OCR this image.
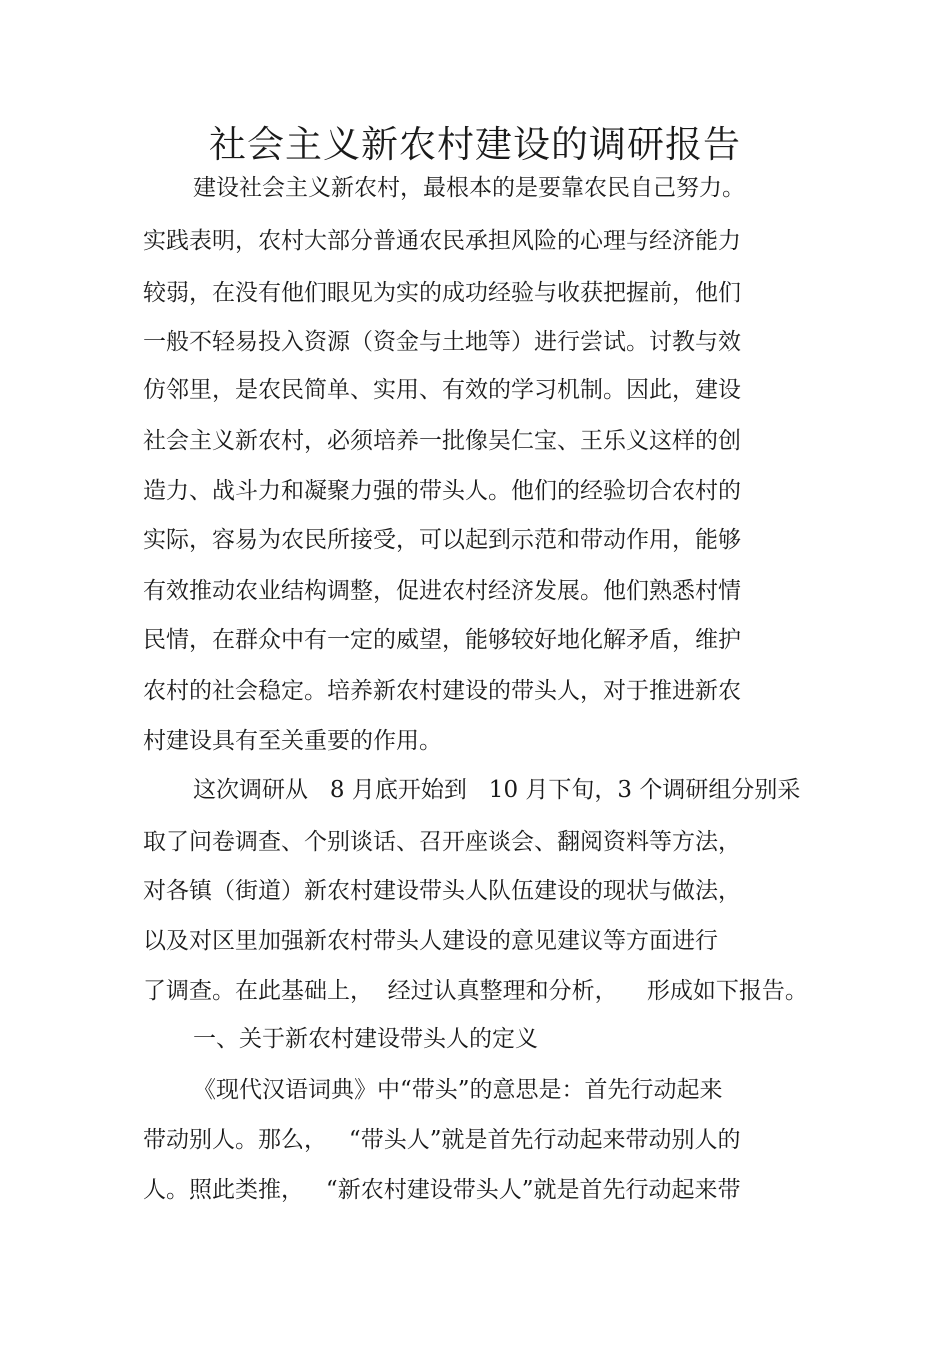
社会主义新农村建设的调研报告
建设社会主义新农村，最根本的是要靠农民自己努力。
实践表明，农村大部分普通农民承担风险的心理与经济能力
较弱，在没有他们眼见为实的成功经验与收获把握前，他们
一般不轻易投入资源（资金与土地等）进行尝试。讨教与效
仿邻里，是农民简单、实用、有效的学习机制。因此，建设
社会主义新农村，必须培养一批像吴仁宝、王乐义这样的创
造力、战斗力和凝聚力强的带头人。他们的经验切合农村的
实际，容易为农民所接受，可以起到示范和带动作用，能够
有效推动农业结构调整，促进农村经济发展。他们熟悉村情
民情，在群众中有一定的威望，能够较好地化解矛盾，维护
农村的社会稳定。培养新农村建设的带头人，对于推进新农
村建设具有至关重要的作用。
这次调研从   8 月底开始到   10 月下旬，3 个调研组分别采
取了问卷调查、个别谈话、召开座谈会、翻阅资料等方法，
对各镇（街道）新农村建设带头人队伍建设的现状与做法，
以及对区里加强新农村带头人建设的意见建议等方面进行
了调查。在此基础上，  经过认真整理和分析，    形成如下报告。
一、关于新农村建设带头人的定义
《现代汉语词典》中“带头”的意思是：首先行动起来
带动别人。那么，   “带头人”就是首先行动起来带动别人的
人。照此类推，   “新农村建设带头人”就是首先行动起来带
